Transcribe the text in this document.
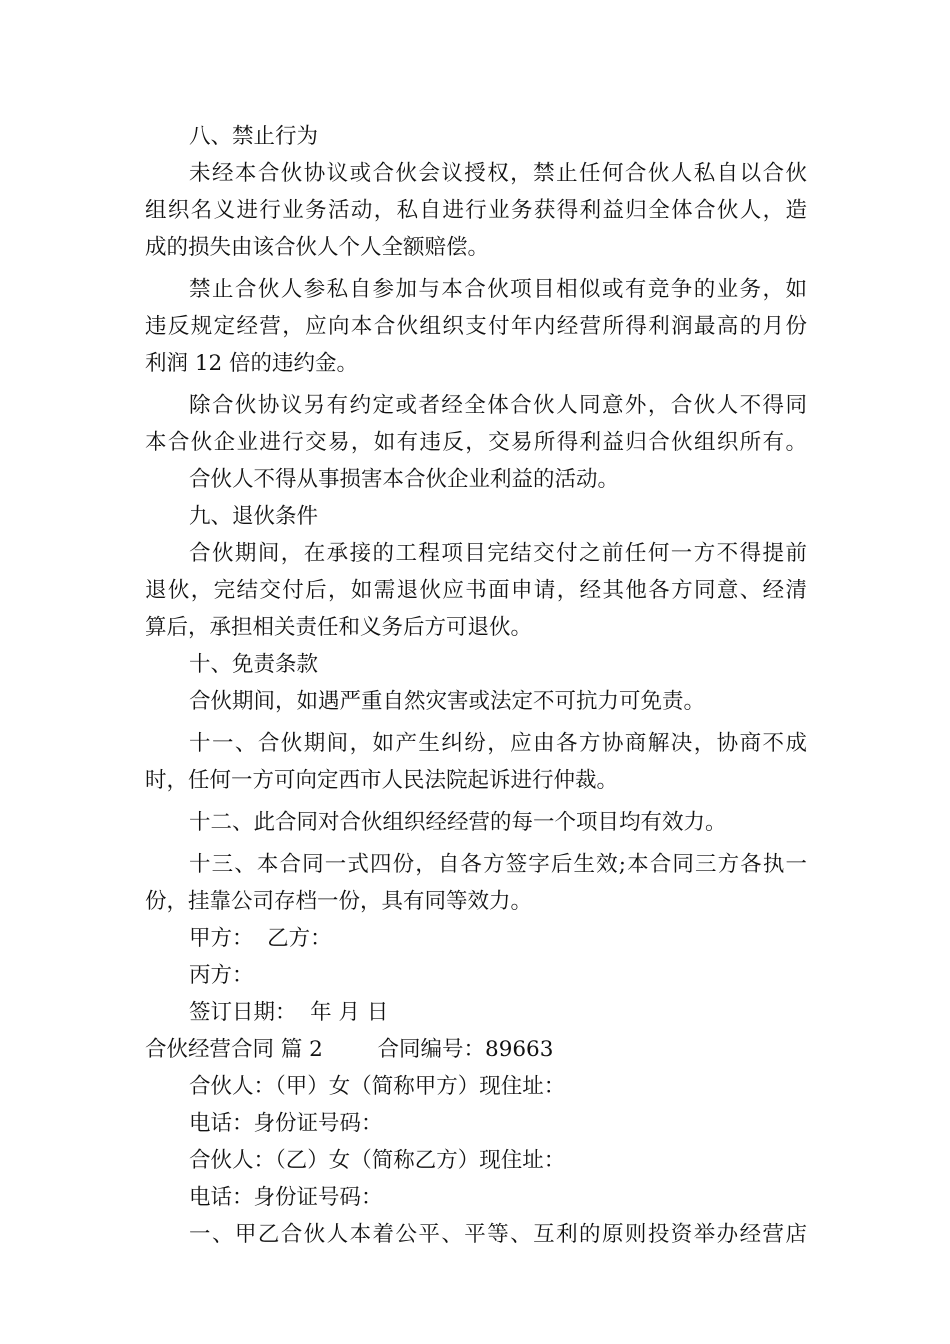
八、禁止行为
未经本合伙协议或合伙会议授权，禁止任何合伙人私自以合伙
组织名义进行业务活动，私自进行业务获得利益归全体合伙人，造
成的损失由该合伙人个人全额赔偿。
禁止合伙人参私自参加与本合伙项目相似或有竞争的业务，如
违反规定经营，应向本合伙组织支付年内经营所得利润最高的月份
利润 12 倍的违约金。
除合伙协议另有约定或者经全体合伙人同意外，合伙人不得同
本合伙企业进行交易，如有违反，交易所得利益归合伙组织所有。
合伙人不得从事损害本合伙企业利益的活动。
九、退伙条件
合伙期间，在承接的工程项目完结交付之前任何一方不得提前
退伙，完结交付后，如需退伙应书面申请，经其他各方同意、经清
算后，承担相关责任和义务后方可退伙。
十、免责条款
合伙期间，如遇严重自然灾害或法定不可抗力可免责。
十一、合伙期间，如产生纠纷，应由各方协商解决，协商不成
时，任何一方可向定西市人民法院起诉进行仲裁。
十二、此合同对合伙组织经经营的每一个项目均有效力。
十三、本合同一式四份，自各方签字后生效;本合同三方各执一
份，挂靠公司存档一份，具有同等效力。
甲方：  乙方：
丙方：
签订日期：  年 月 日
合伙经营合同 篇 2        合同编号：89663
合伙人：（甲）女（简称甲方）现住址：
电话：身份证号码：
合伙人：（乙）女（简称乙方）现住址：
电话：身份证号码：
一、甲乙合伙人本着公平、平等、互利的原则投资举办经营店
